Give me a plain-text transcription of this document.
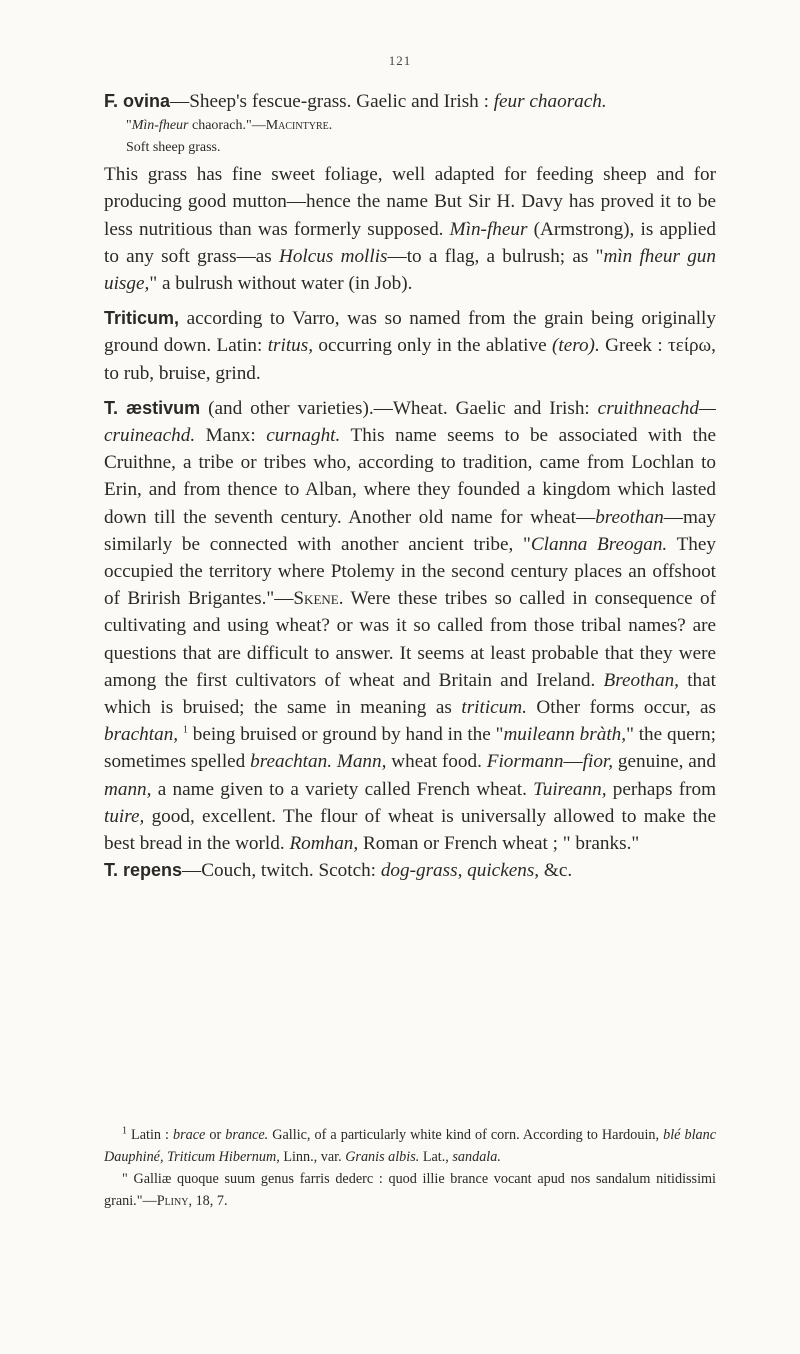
121

F. ovina—Sheep's fescue-grass. Gaelic and Irish : feur chaorach.

"Mìn-fheur chaorach."—Macintyre.

Soft sheep grass.

This grass has fine sweet foliage, well adapted for feeding sheep and for producing good mutton—hence the name But Sir H. Davy has proved it to be less nutritious than was formerly supposed. Mìn-fheur (Armstrong), is applied to any soft grass—as Holcus mollis—to a flag, a bulrush; as "mìn fheur gun uisge," a bulrush without water (in Job).

Triticum, according to Varro, was so named from the grain being originally ground down. Latin: tritus, occurring only in the ablative (tero). Greek : τείρω, to rub, bruise, grind.

T. æstivum (and other varieties).—Wheat. Gaelic and Irish: cruithneachd—cruineachd. Manx: curnaght. This name seems to be associated with the Cruithne, a tribe or tribes who, according to tradition, came from Lochlan to Erin, and from thence to Alban, where they founded a kingdom which lasted down till the seventh century. Another old name for wheat—breothan—may similarly be connected with another ancient tribe, "Clanna Breogan. They occupied the territory where Ptolemy in the second century places an offshoot of Brirish Brigantes."—Skene. Were these tribes so called in consequence of cultivating and using wheat? or was it so called from those tribal names? are questions that are difficult to answer. It seems at least probable that they were among the first cultivators of wheat and Britain and Ireland. Breothan, that which is bruised; the same in meaning as triticum. Other forms occur, as brachtan, $^1$ being bruised or ground by hand in the "muileann bràth," the quern; sometimes spelled breachtan. Mann, wheat food. Fiormann—fior, genuine, and mann, a name given to a variety called French wheat. Tuireann, perhaps from tuire, good, excellent. The flour of wheat is universally allowed to make the best bread in the world. Romhan, Roman or French wheat ; " branks."

T. repens—Couch, twitch. Scotch: dog-grass, quickens, &c.

$^1$ Latin : brace or brance. Gallic, of a particularly white kind of corn. According to Hardouin, blé blanc Dauphiné, Triticum Hibernum, Linn., var. Granis albis. Lat., sandala.

" Galliæ quoque suum genus farris dederc : quod illie brance vocant apud nos sandalum nitidissimi grani."—Pliny, 18, 7.
